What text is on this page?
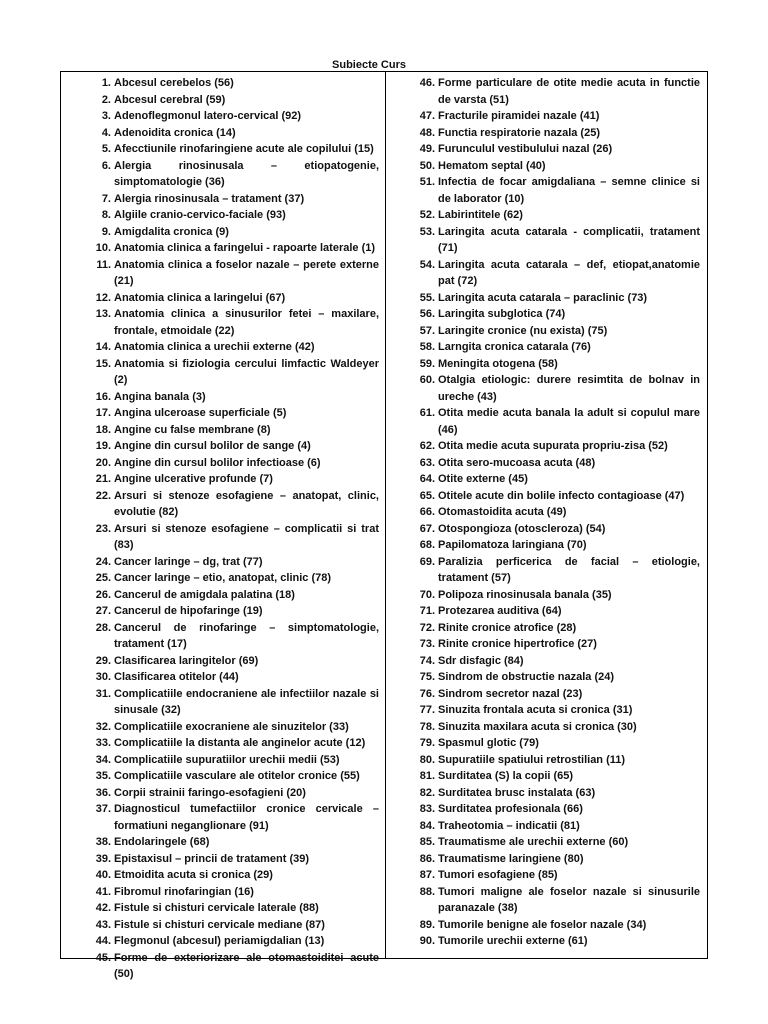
Subiecte Curs
1. Abcesul cerebelos (56)
2. Abcesul cerebral (59)
3. Adenoflegmonul latero-cervical (92)
4. Adenoidita cronica (14)
5. Afecctiunile rinofaringiene acute ale copilului (15)
6. Alergia rinosinusala – etiopatogenie, simptomatologie (36)
7. Alergia rinosinusala – tratament (37)
8. Algiile cranio-cervico-faciale (93)
9. Amigdalita cronica (9)
10. Anatomia clinica a faringelui - rapoarte laterale (1)
11. Anatomia clinica a foselor nazale – perete externe (21)
12. Anatomia clinica a laringelui (67)
13. Anatomia clinica a sinusurilor fetei – maxilare, frontale, etmoidale (22)
14. Anatomia clinica a urechii externe (42)
15. Anatomia si fiziologia cercului limfactic Waldeyer (2)
16. Angina banala (3)
17. Angina ulceroase superficiale (5)
18. Angine cu false membrane (8)
19. Angine din cursul bolilor de sange (4)
20. Angine din cursul bolilor infectioase (6)
21. Angine ulcerative profunde (7)
22. Arsuri si stenoze esofagiene – anatopat, clinic, evolutie (82)
23. Arsuri si stenoze esofagiene – complicatii si trat (83)
24. Cancer laringe – dg, trat (77)
25. Cancer laringe – etio, anatopat, clinic (78)
26. Cancerul de amigdala palatina (18)
27. Cancerul de hipofaringe (19)
28. Cancerul de rinofaringe – simptomatologie, tratament (17)
29. Clasificarea laringitelor (69)
30. Clasificarea otitelor (44)
31. Complicatiile endocraniene ale infectiilor nazale si sinusale (32)
32. Complicatiile exocraniene ale sinuzitelor (33)
33. Complicatiile la distanta ale anginelor acute (12)
34. Complicatiile supuratiilor urechii medii (53)
35. Complicatiile vasculare ale otitelor cronice (55)
36. Corpii strainii faringo-esofagieni (20)
37. Diagnosticul tumefactiilor cronice cervicale – formatiuni neganglionare (91)
38. Endolaringele (68)
39. Epistaxisul – princii de tratament (39)
40. Etmoidita acuta si cronica (29)
41. Fibromul rinofaringian (16)
42. Fistule si chisturi cervicale laterale (88)
43. Fistule si chisturi cervicale mediane (87)
44. Flegmonul (abcesul) periamigdalian (13)
45. Forme de exteriorizare ale otomastoiditei acute (50)
46. Forme particulare de otite medie acuta in functie de varsta (51)
47. Fracturile piramidei nazale (41)
48. Functia respiratorie nazala (25)
49. Furunculul vestibulului nazal (26)
50. Hematom septal (40)
51. Infectia de focar amigdaliana – semne clinice si de laborator (10)
52. Labirintitele (62)
53. Laringita acuta catarala - complicatii, tratament (71)
54. Laringita acuta catarala – def, etiopat,anatomie pat (72)
55. Laringita acuta catarala – paraclinic (73)
56. Laringita subglotica (74)
57. Laringite cronice (nu exista) (75)
58. Larngita cronica catarala (76)
59. Meningita otogena (58)
60. Otalgia etiologic: durere resimtita de bolnav in ureche (43)
61. Otita medie acuta banala la adult si copulul mare (46)
62. Otita medie acuta supurata propriu-zisa (52)
63. Otita sero-mucoasa acuta (48)
64. Otite externe (45)
65. Otitele acute din bolile infecto contagioase (47)
66. Otomastoidita acuta (49)
67. Otospongioza (otoscleroza) (54)
68. Papilomatoza laringiana (70)
69. Paralizia perficerica de facial – etiologie, tratament (57)
70. Polipoza rinosinusala banala (35)
71. Protezarea auditiva (64)
72. Rinite cronice atrofice (28)
73. Rinite cronice hipertrofice (27)
74. Sdr disfagic (84)
75. Sindrom de obstructie nazala (24)
76. Sindrom secretor nazal (23)
77. Sinuzita frontala acuta si cronica (31)
78. Sinuzita maxilara acuta si cronica (30)
79. Spasmul glotic (79)
80. Supuratiile spatiului retrostilian (11)
81. Surditatea (S) la copii (65)
82. Surditatea brusc instalata (63)
83. Surditatea profesionala (66)
84. Traheotomia – indicatii (81)
85. Traumatisme ale urechii externe (60)
86. Traumatisme laringiene (80)
87. Tumori esofagiene (85)
88. Tumori maligne ale foselor nazale si sinusurile paranazale (38)
89. Tumorile benigne ale foselor nazale (34)
90. Tumorile urechii externe (61)
